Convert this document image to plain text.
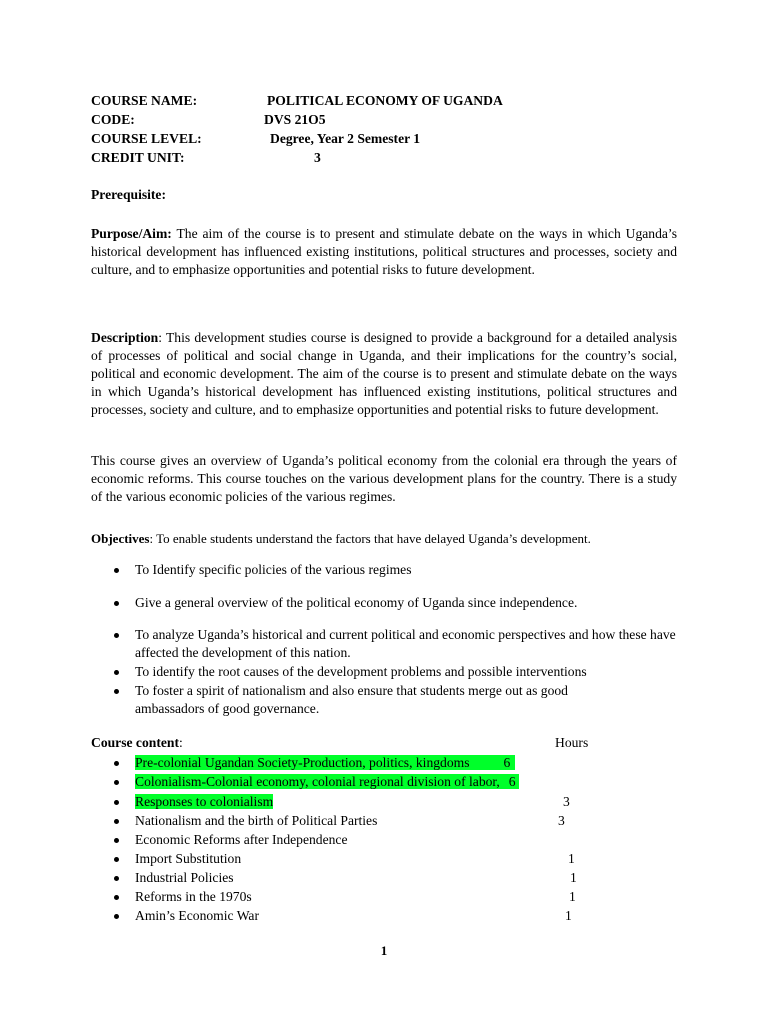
COURSE NAME:	POLITICAL ECONOMY OF UGANDA
CODE:	DVS 21O5
COURSE LEVEL:	Degree, Year 2 Semester 1
CREDIT UNIT:	3
Prerequisite:
Purpose/Aim: The aim of the course is to present and stimulate debate on the ways in which Uganda’s historical development has influenced existing institutions, political structures and processes, society and culture, and to emphasize opportunities and potential risks to future development.
Description: This development studies course is designed to provide a background for a detailed analysis of processes of political and social change in Uganda, and their implications for the country’s social, political and economic development. The aim of the course is to present and stimulate debate on the ways in which Uganda’s historical development has influenced existing institutions, political structures and processes, society and culture, and to emphasize opportunities and potential risks to future development.
This course gives an overview of Uganda’s political economy from the colonial era through the years of economic reforms. This course touches on the various development plans for the country. There is a study of the various economic policies of the various regimes.
Objectives: To enable students understand the factors that have delayed Uganda’s development.
To Identify specific policies of the various regimes
Give a general overview of the political economy of Uganda since independence.
To analyze Uganda’s historical and current political and economic perspectives and how these have affected the development of this nation.
To identify the root causes of the development problems and possible interventions
To foster a spirit of nationalism and also ensure that students merge out as good ambassadors of good governance.
Course content:	Hours
Pre-colonial Ugandan Society-Production, politics, kingdoms	6
Colonialism-Colonial economy, colonial regional division of labor, 6
Responses to colonialism	3
Nationalism and the birth of Political Parties	3
Economic Reforms after Independence
Import Substitution	1
Industrial Policies	1
Reforms in the 1970s	1
Amin’s Economic War	1
1
